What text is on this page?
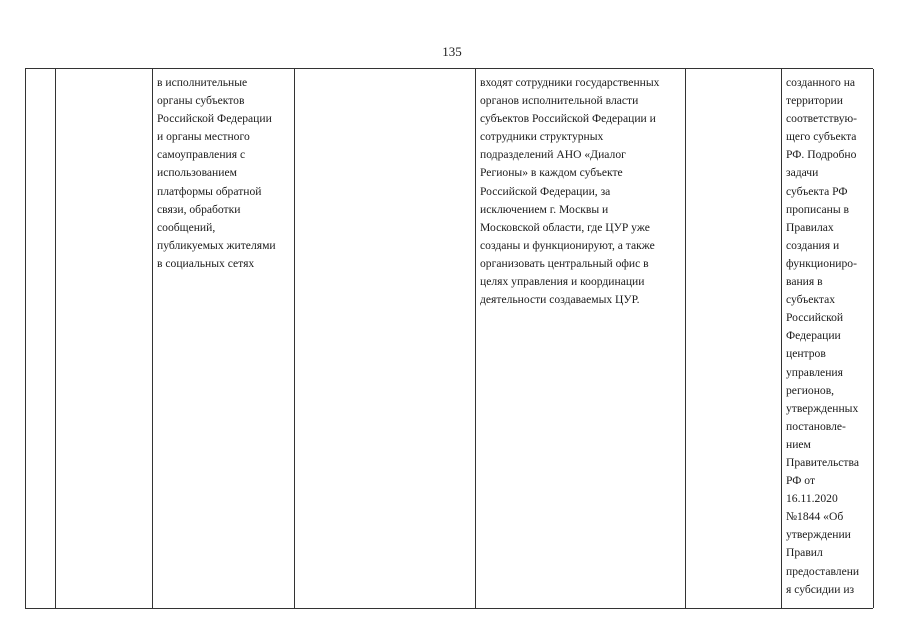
135
в исполнительные
органы субъектов
Российской Федерации
и органы местного
самоуправления с
использованием
платформы обратной
связи, обработки
сообщений,
публикуемых жителями
в социальных сетях
входят сотрудники государственных
органов исполнительной власти
субъектов Российской Федерации и
сотрудники структурных
подразделений АНО «Диалог
Регионы» в каждом субъекте
Российской Федерации, за
исключением г. Москвы и
Московской области, где ЦУР уже
созданы и функционируют, а также
организовать центральный офис в
целях управления и координации
деятельности создаваемых ЦУР.
созданного на
территории
соответствую-
щего субъекта
РФ. Подробно
задачи
субъекта РФ
прописаны в
Правилах
создания и
функциониро-
вания в
субъектах
Российской
Федерации
центров
управления
регионов,
утвержденных
постановле-
нием
Правительства
РФ от
16.11.2020
№1844 «Об
утверждении
Правил
предоставлени
я субсидии из
